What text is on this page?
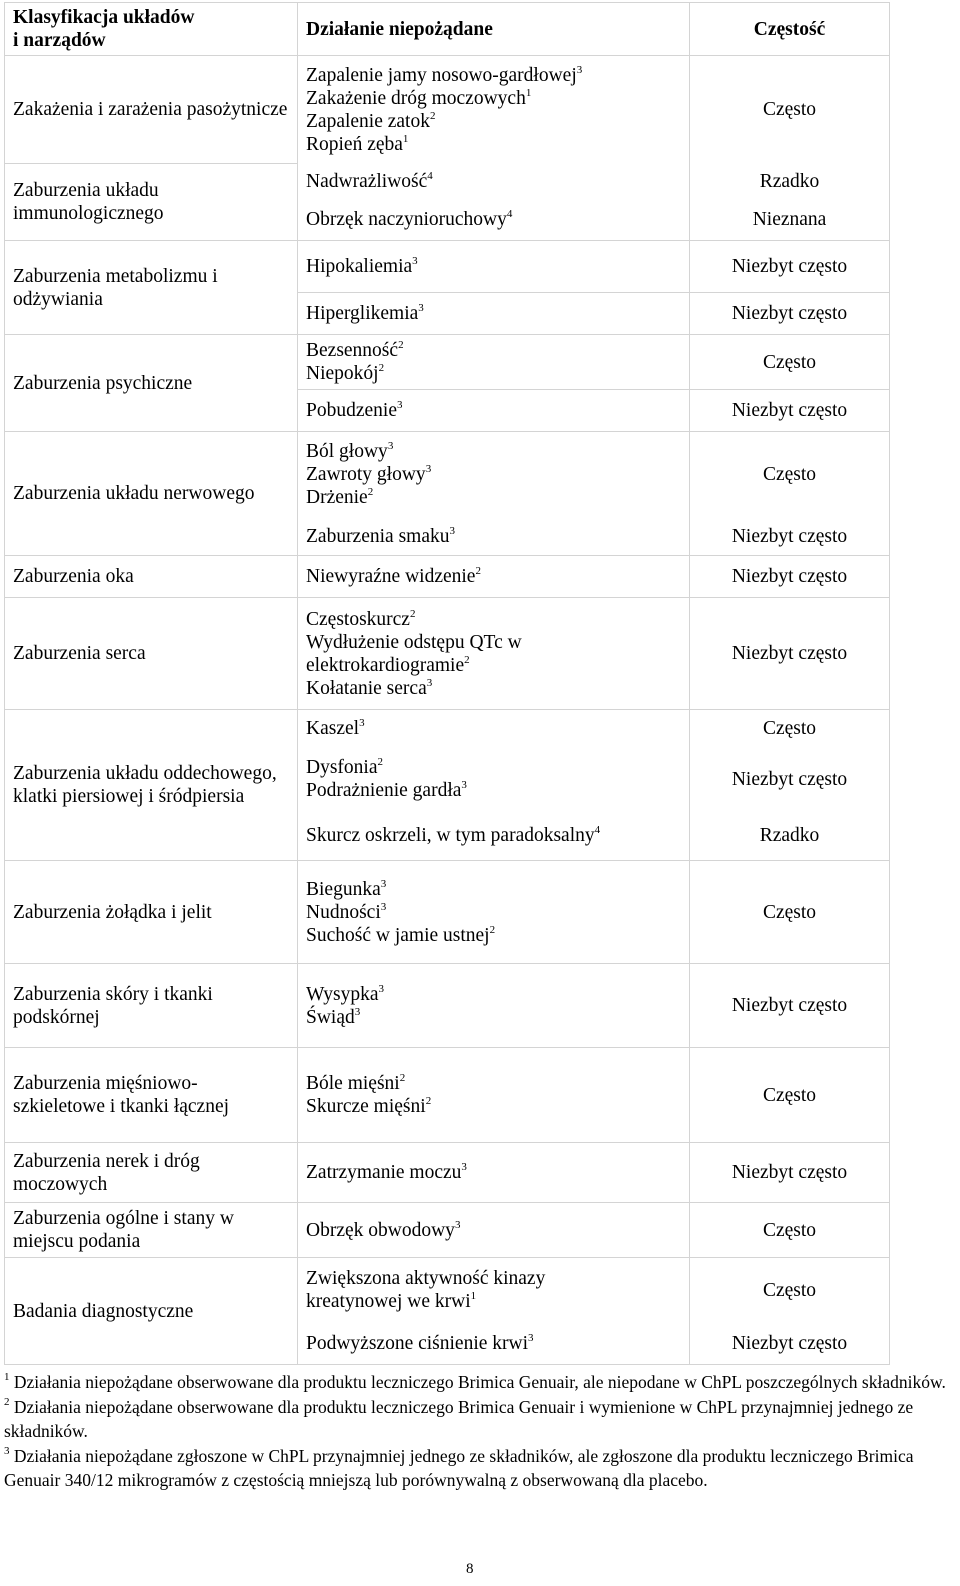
Klasyfikacja układów
i narządów	Działanie niepożądane	Częstość
Zakażenia i zarażenia pasożytnicze	Zapalenie jamy nosowo-gardłowej$^3$
Zakażenie dróg moczowych$^1$
Zapalenie zatok$^2$
Ropień zęba$^1$	Często
Zaburzenia układu immunologicznego	Nadwrażliwość$^4$	Rzadko
	Obrzęk naczynioruchowy$^4$	Nieznana
Zaburzenia metabolizmu i odżywiania	Hipokaliemia$^3$	Niezbyt często
	Hiperglikemia$^3$	Niezbyt często
Zaburzenia psychiczne	Bezsenność$^2$
Niepokój$^2$	Często
	Pobudzenie$^3$	Niezbyt często
Zaburzenia układu nerwowego	Ból głowy$^3$
Zawroty głowy$^3$
Drżenie$^2$	Często
	Zaburzenia smaku$^3$	Niezbyt często
Zaburzenia oka	Niewyraźne widzenie$^2$	Niezbyt często
Zaburzenia serca	Częstoskurcz$^2$
Wydłużenie odstępu QTc w
elektrokardiogramie$^2$
Kołatanie serca$^3$	Niezbyt często
Zaburzenia układu oddechowego, klatki piersiowej i śródpiersia	Kaszel$^3$	Często

	Dysfonia$^2$
Podrażnienie gardła$^3$	Niezbyt często
	Skurcz oskrzeli, w tym paradoksalny$^4$	Rzadko
Zaburzenia żołądka i jelit	Biegunka$^3$
Nudności$^3$
Suchość w jamie ustnej$^2$	Często
Zaburzenia skóry i tkanki podskórnej	Wysypka$^3$
Świąd$^3$	Niezbyt często
Zaburzenia mięśniowo-szkieletowe i tkanki łącznej	Bóle mięśni$^2$
Skurcze mięśni$^2$	Często
Zaburzenia nerek i dróg moczowych	Zatrzymanie moczu$^3$	Niezbyt często
Zaburzenia ogólne i stany w miejscu podania	Obrzęk obwodowy$^3$	Często
Badania diagnostyczne	Zwiększona aktywność kinazy
kreatynowej we krwi$^1$	Często
	Podwyższone ciśnienie krwi$^3$	Niezbyt często

$^1$ Działania niepożądane obserwowane dla produktu leczniczego Brimica Genuair, ale niepodane w ChPL poszczególnych składników.

$^2$ Działania niepożądane obserwowane dla produktu leczniczego Brimica Genuair i wymienione w ChPL przynajmniej jednego ze składników.

$^3$ Działania niepożądane zgłoszone w ChPL przynajmniej jednego ze składników, ale zgłoszone dla produktu leczniczego Brimica Genuair 340/12 mikrogramów z częstością mniejszą lub porównywalną z obserwowaną dla placebo.

8
